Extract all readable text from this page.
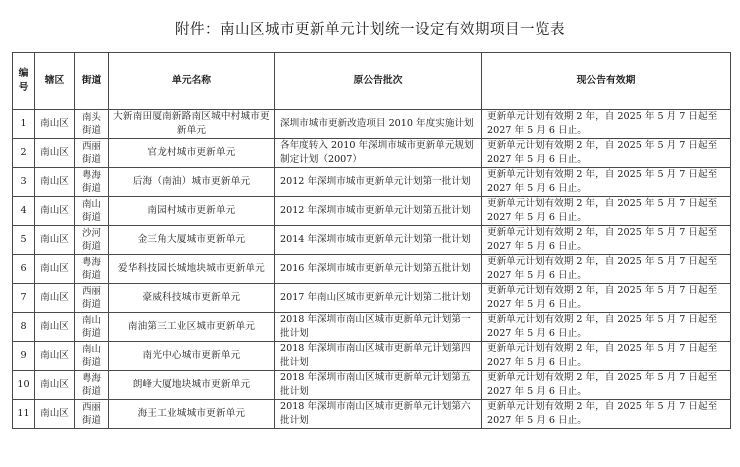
附件：南山区城市更新单元计划统一设定有效期项目一览表
编号	辖区	街道	单元名称	原公告批次	现公告有效期
1	南山区	南头街道	大新南田厦南新路南区城中村城市更新单元	深圳市城市更新改造项目 2010 年度实施计划	更新单元计划有效期 2 年，自 2025 年 5 月 7 日起至 2027 年 5 月 6 日止。
2	南山区	西丽街道	官龙村城市更新单元	各年度转入 2010 年深圳市城市更新单元规划制定计划（2007）	更新单元计划有效期 2 年，自 2025 年 5 月 7 日起至 2027 年 5 月 6 日止。
3	南山区	粤海街道	后海（南油）城市更新单元	2012 年深圳市城市更新单元计划第一批计划	更新单元计划有效期 2 年，自 2025 年 5 月 7 日起至 2027 年 5 月 6 日止。
4	南山区	南山街道	南园村城市更新单元	2012 年深圳市城市更新单元计划第五批计划	更新单元计划有效期 2 年，自 2025 年 5 月 7 日起至 2027 年 5 月 6 日止。
5	南山区	沙河街道	金三角大厦城市更新单元	2014 年深圳市城市更新单元计划第一批计划	更新单元计划有效期 2 年，自 2025 年 5 月 7 日起至 2027 年 5 月 6 日止。
6	南山区	粤海街道	爱华科技园长城地块城市更新单元	2016 年深圳市城市更新单元计划第五批计划	更新单元计划有效期 2 年，自 2025 年 5 月 7 日起至 2027 年 5 月 6 日止。
7	南山区	西丽街道	豪威科技城市更新单元	2017 年南山区城市更新单元计划第二批计划	更新单元计划有效期 2 年，自 2025 年 5 月 7 日起至 2027 年 5 月 6 日止。
8	南山区	南山街道	南油第三工业区城市更新单元	2018 年深圳市南山区城市更新单元计划第一批计划	更新单元计划有效期 2 年，自 2025 年 5 月 7 日起至 2027 年 5 月 6 日止。
9	南山区	南山街道	南光中心城市更新单元	2018 年深圳市南山区城市更新单元计划第四批计划	更新单元计划有效期 2 年，自 2025 年 5 月 7 日起至 2027 年 5 月 6 日止。
10	南山区	粤海街道	朗峰大厦地块城市更新单元	2018 年深圳市南山区城市更新单元计划第五批计划	更新单元计划有效期 2 年，自 2025 年 5 月 7 日起至 2027 年 5 月 6 日止。
11	南山区	西丽街道	海王工业城城市更新单元	2018 年深圳市南山区城市更新单元计划第六批计划	更新单元计划有效期 2 年，自 2025 年 5 月 7 日起至 2027 年 5 月 6 日止。
